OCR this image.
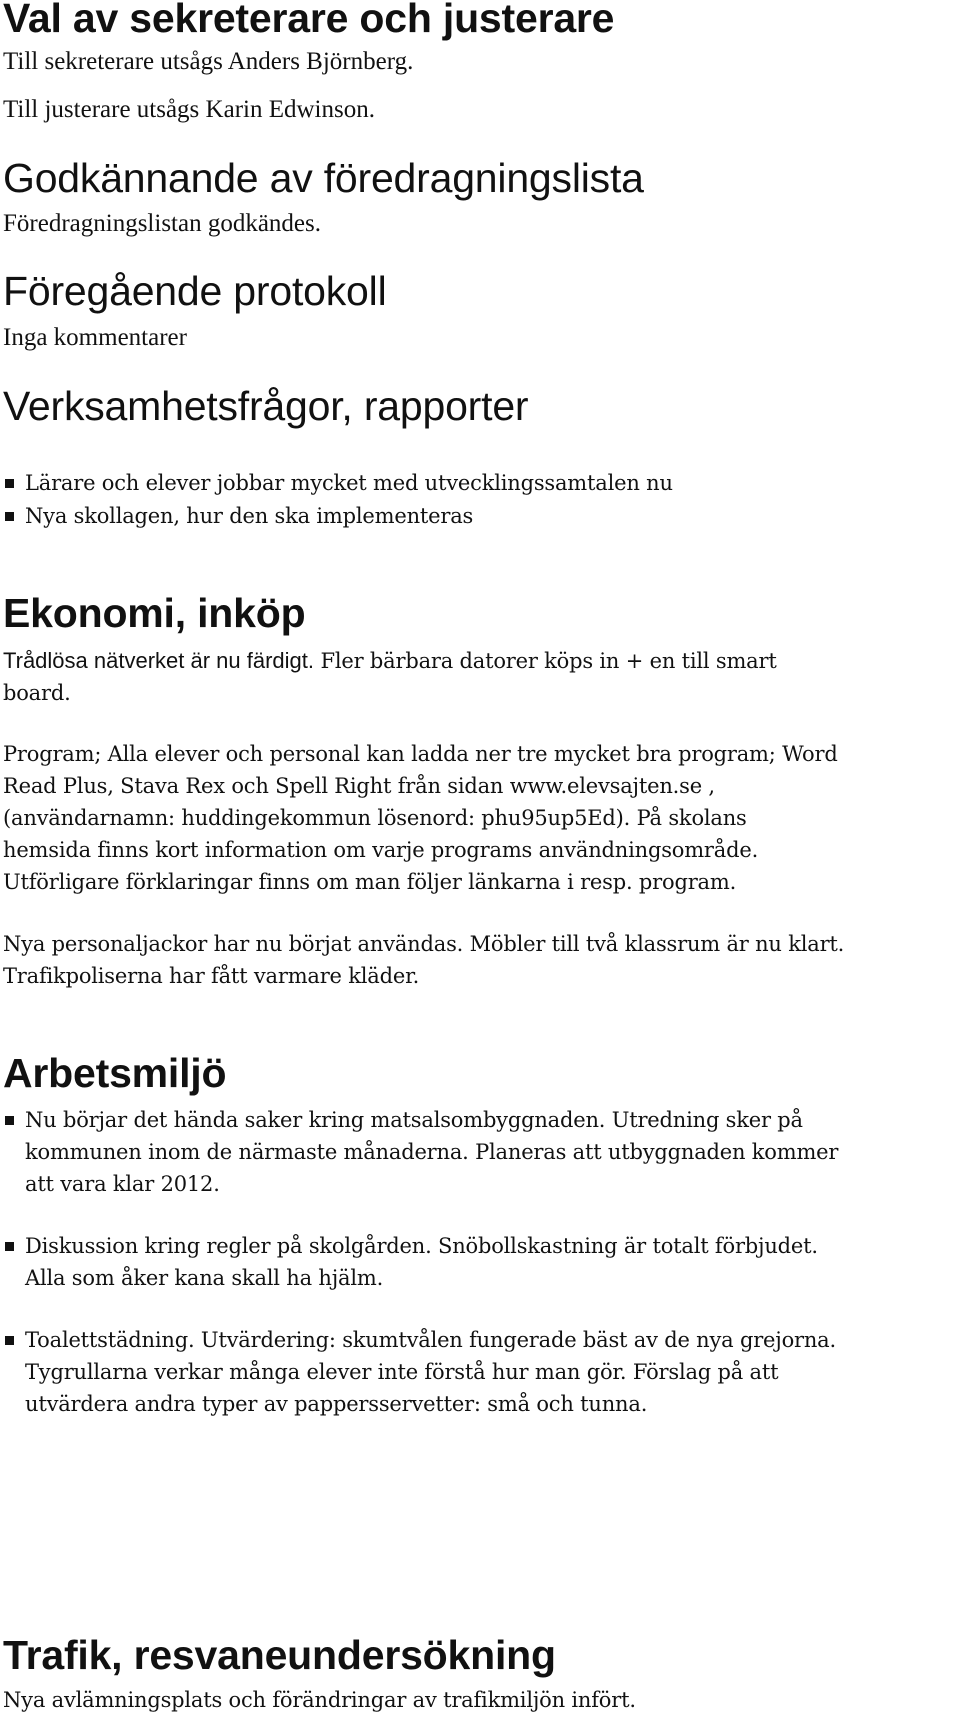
Val av sekreterare och justerare
Till sekreterare utsågs Anders Björnberg.
Till justerare utsågs Karin Edwinson.
Godkännande av föredragningslista
Föredragningslistan godkändes.
Föregående protokoll
Inga kommentarer
Verksamhetsfrågor, rapporter
Lärare och elever jobbar mycket med utvecklingssamtalen nu
Nya skollagen, hur den ska implementeras
Ekonomi, inköp
Trådlösa nätverket är nu färdigt. Fler bärbara datorer köps in + en till smart
board.
Program; Alla elever och personal kan ladda ner tre mycket bra program; Word
Read Plus, Stava Rex och Spell Right från sidan www.elevsajten.se ,
(användarnamn: huddingekommun lösenord: phu95up5Ed). På skolans
hemsida finns kort information om varje programs användningsområde.
Utförligare förklaringar finns om man följer länkarna i resp. program.
Nya personaljackor har nu börjat användas. Möbler till två klassrum är nu klart.
Trafikpoliserna har fått varmare kläder.
Arbetsmiljö
Nu börjar det hända saker kring matsalsombyggnaden. Utredning sker på
kommunen inom de närmaste månaderna. Planeras att utbyggnaden kommer
att vara klar 2012.
Diskussion kring regler på skolgården. Snöbollskastning är totalt förbjudet.
Alla som åker kana skall ha hjälm.
Toalettstädning. Utvärdering: skumtvålen fungerade bäst av de nya grejorna.
Tygrullarna verkar många elever inte förstå hur man gör. Förslag på att
utvärdera andra typer av pappersservetter: små och tunna.
Trafik, resvaneundersökning
Nya avlämningsplats och förändringar av trafikmiljön infört.
